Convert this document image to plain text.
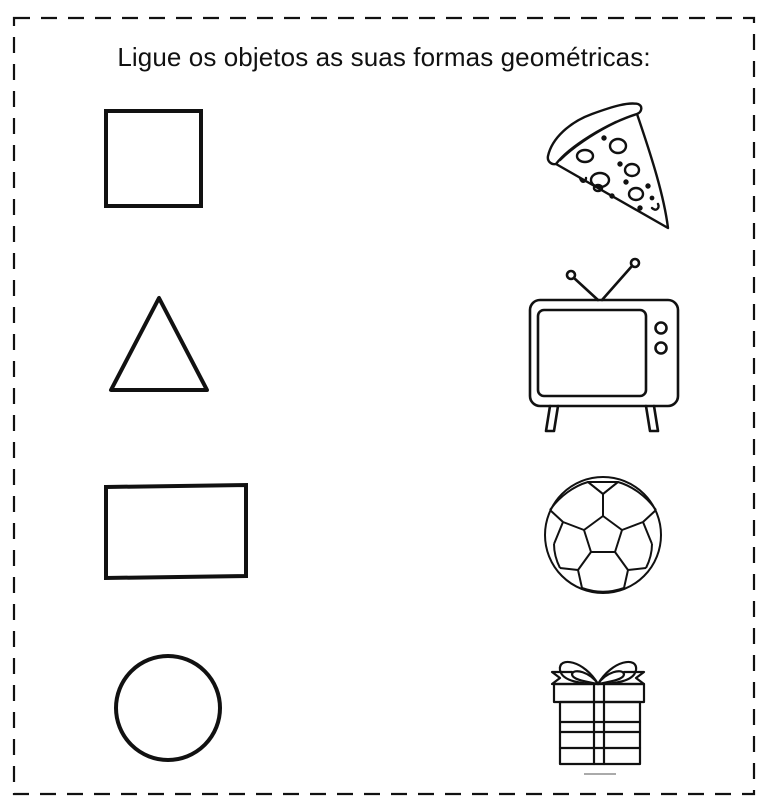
Ligue os objetos as suas formas geométricas:
